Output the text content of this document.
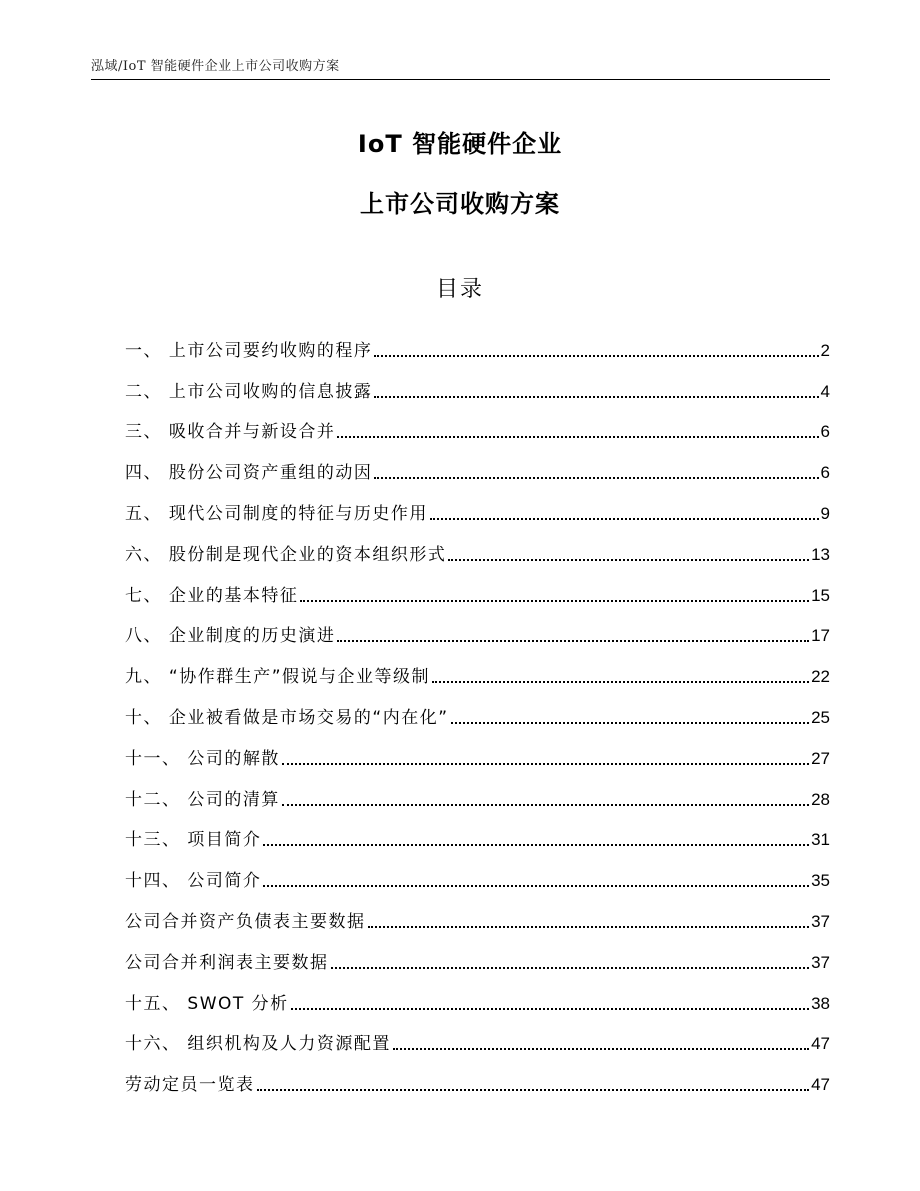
泓域/IoT 智能硬件企业上市公司收购方案
IoT 智能硬件企业
上市公司收购方案
目录
一、 上市公司要约收购的程序	2
二、 上市公司收购的信息披露	4
三、 吸收合并与新设合并	6
四、 股份公司资产重组的动因	6
五、 现代公司制度的特征与历史作用	9
六、 股份制是现代企业的资本组织形式	13
七、 企业的基本特征	15
八、 企业制度的历史演进	17
九、 “协作群生产”假说与企业等级制	22
十、 企业被看做是市场交易的“内在化”	25
十一、 公司的解散	27
十二、 公司的清算	28
十三、 项目简介	31
十四、 公司简介	35
公司合并资产负债表主要数据	37
公司合并利润表主要数据	37
十五、 SWOT 分析	38
十六、 组织机构及人力资源配置	47
劳动定员一览表	47
